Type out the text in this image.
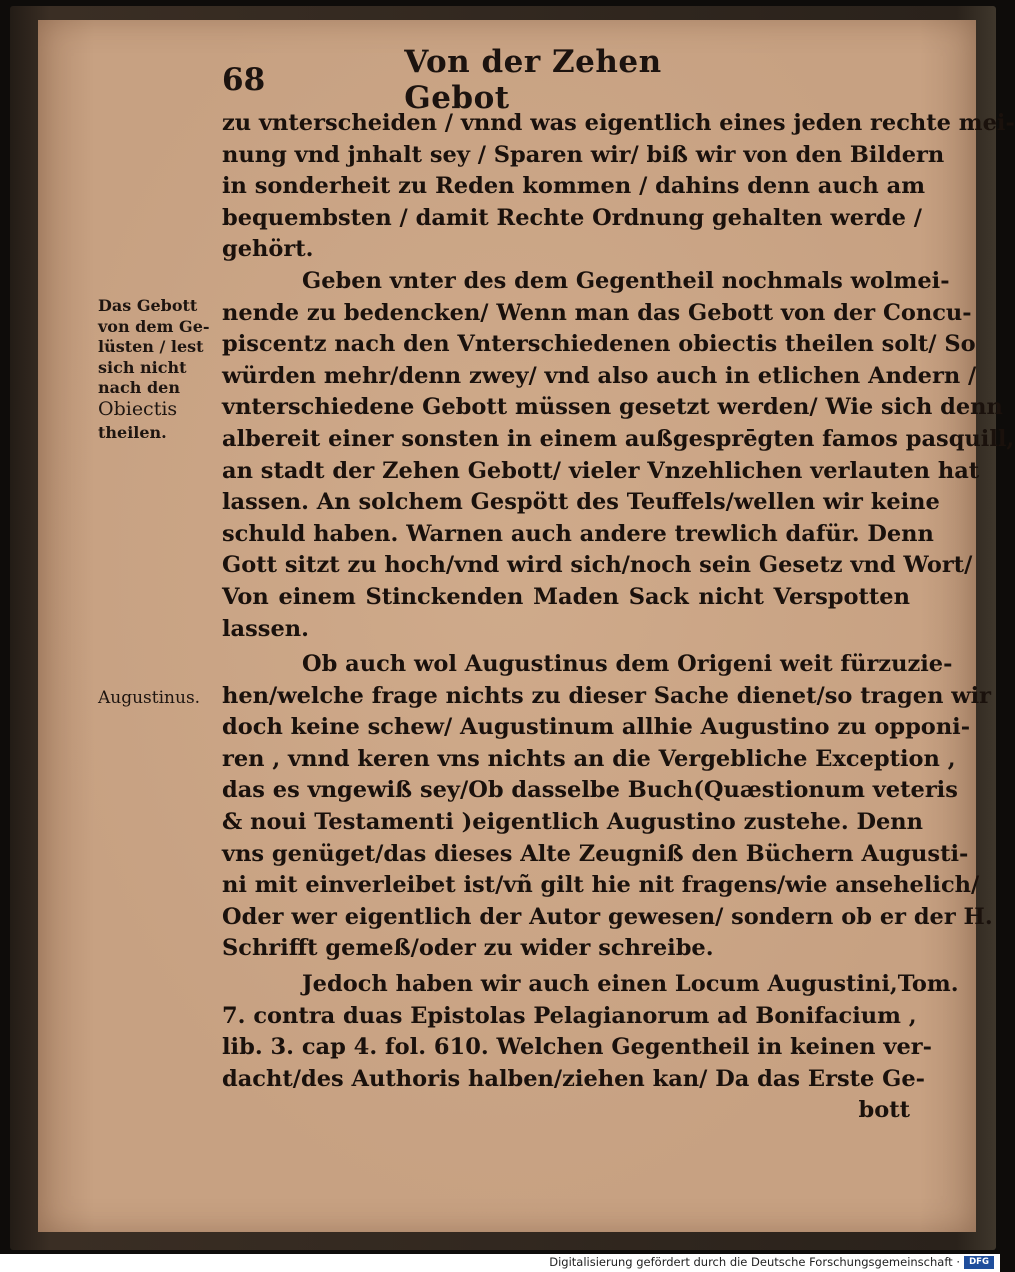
68	Von der Zehen Gebot
Das Gebott
von dem Ge-
lüsten / lest
sich nicht
nach den
Obiectis
theilen.
Augustinus.
zu vnterscheiden / vnnd was eigentlich eines jeden rechte mei-
nung vnd jnhalt sey / Sparen wir/ biß wir von den Bildern
in sonderheit zu Reden kommen / dahins denn auch am
bequembsten / damit Rechte Ordnung gehalten werde /
gehört.
Geben vnter des dem Gegentheil nochmals wolmei-
nende zu bedencken/ Wenn man das Gebott von der Concu-
piscentz nach den Vnterschiedenen obiectis theilen solt/ So
würden mehr/denn zwey/ vnd also auch in etlichen Andern /
vnterschiedene Gebott müssen gesetzt werden/ Wie sich denn
albereit einer sonsten in einem außgesprēgten famos pasquill,
an stadt der Zehen Gebott/ vieler Vnzehlichen verlauten hat
lassen. An solchem Gespött des Teuffels/wellen wir keine
schuld haben. Warnen auch andere trewlich dafür. Denn
Gott sitzt zu hoch/vnd wird sich/noch sein Gesetz vnd Wort/
Von einem Stinckenden Maden Sack nicht Verspotten
lassen.
Ob auch wol Augustinus dem Origeni weit fürzuzie-
hen/welche frage nichts zu dieser Sache dienet/so tragen wir
doch keine schew/ Augustinum allhie Augustino zu opponi-
ren , vnnd keren vns nichts an die Vergebliche Exception ,
das es vngewiß sey/Ob dasselbe Buch(Quæstionum veteris
& noui Testamenti )eigentlich Augustino zustehe. Denn
vns genüget/das dieses Alte Zeugniß den Büchern Augusti-
ni mit einverleibet ist/vñ gilt hie nit fragens/wie ansehelich/
Oder wer eigentlich der Autor gewesen/ sondern ob er der H.
Schrifft gemeß/oder zu wider schreibe.
Jedoch haben wir auch einen Locum Augustini,Tom.
7. contra duas Epistolas Pelagianorum ad Bonifacium ,
lib. 3. cap 4. fol. 610. Welchen Gegentheil in keinen ver-
dacht/des Authoris halben/ziehen kan/ Da das Erste Ge-
bott
Digitalisierung gefördert durch die Deutsche Forschungsgemeinschaft ·	DFG
